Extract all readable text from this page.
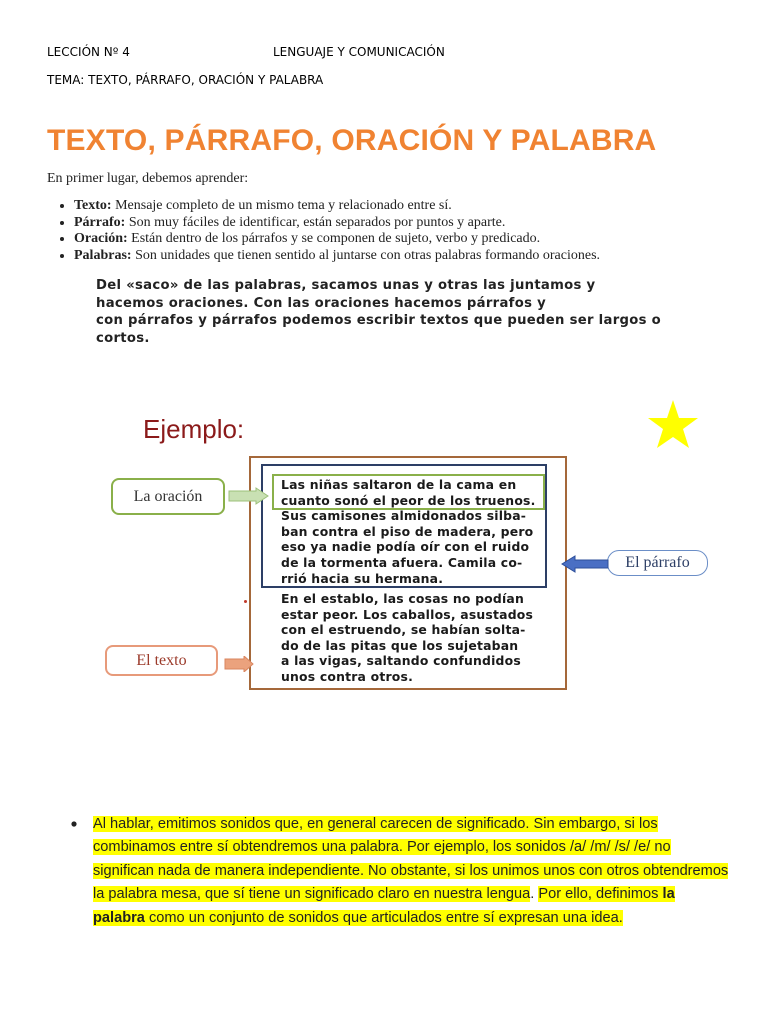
LECCIÓN Nº 4	LENGUAJE Y COMUNICACIÓN
TEMA: TEXTO, PÁRRAFO, ORACIÓN Y PALABRA
TEXTO, PÁRRAFO, ORACIÓN Y PALABRA
En primer lugar, debemos aprender:
• Texto: Mensaje completo de un mismo tema y relacionado entre sí.
• Párrafo: Son muy fáciles de identificar, están separados por puntos y aparte.
• Oración: Están dentro de los párrafos y se componen de sujeto, verbo y predicado.
• Palabras: Son unidades que tienen sentido al juntarse con otras palabras formando oraciones.
Del «saco» de las palabras, sacamos unas y otras las juntamos y
hacemos oraciones. Con las oraciones hacemos párrafos y
con párrafos y párrafos podemos escribir textos que pueden ser largos o
cortos.
Ejemplo:
Las niñas saltaron de la cama en
cuanto sonó el peor de los truenos.
Sus camisones almidonados silba-
ban contra el piso de madera, pero
eso ya nadie podía oír con el ruido
de la tormenta afuera. Camila co-
rrió hacia su hermana.
En el establo, las cosas no podían
estar peor. Los caballos, asustados
con el estruendo, se habían solta-
do de las pitas que los sujetaban
a las vigas, saltando confundidos
unos contra otros.
La oración
El texto
El párrafo
Al hablar, emitimos sonidos que, en general carecen de significado. Sin embargo, si los combinamos entre sí obtendremos una palabra. Por ejemplo, los sonidos /a/ /m/ /s/ /e/ no significan nada de manera independiente. No obstante, si los unimos unos con otros obtendremos la palabra mesa, que sí tiene un significado claro en nuestra lengua. Por ello, definimos la palabra como un conjunto de sonidos que articulados entre sí expresan una idea.
